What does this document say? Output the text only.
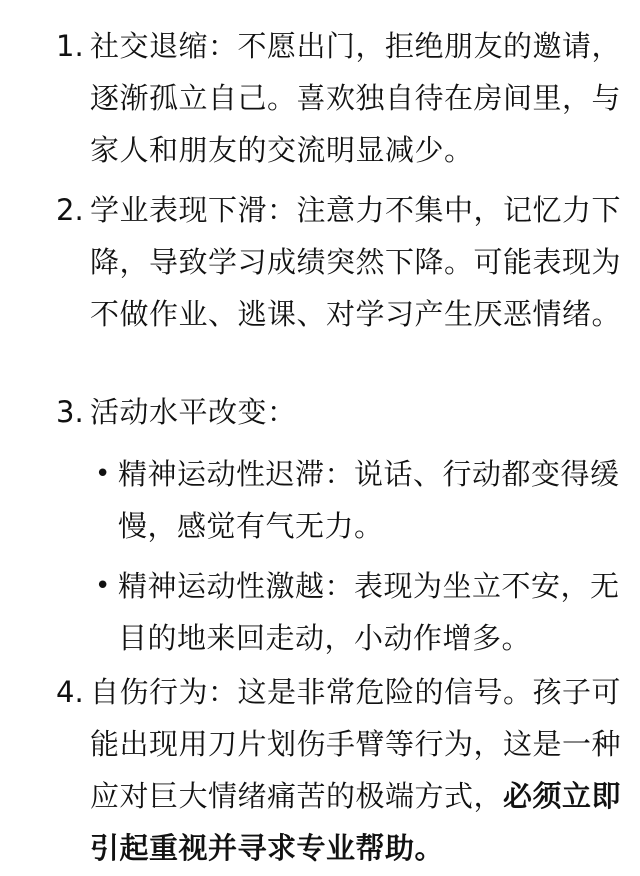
1. 社交退缩：不愿出门，拒绝朋友的邀请，逐渐孤立自己。喜欢独自待在房间里，与家人和朋友的交流明显减少。
2. 学业表现下滑：注意力不集中，记忆力下降，导致学习成绩突然下降。可能表现为不做作业、逃课、对学习产生厌恶情绪。
3. 活动水平改变：
• 精神运动性迟滞：说话、行动都变得缓慢，感觉有气无力。
• 精神运动性激越：表现为坐立不安，无目的地来回走动，小动作增多。
4. 自伤行为：这是非常危险的信号。孩子可能出现用刀片划伤手臂等行为，这是一种应对巨大情绪痛苦的极端方式，必须立即引起重视并寻求专业帮助。
